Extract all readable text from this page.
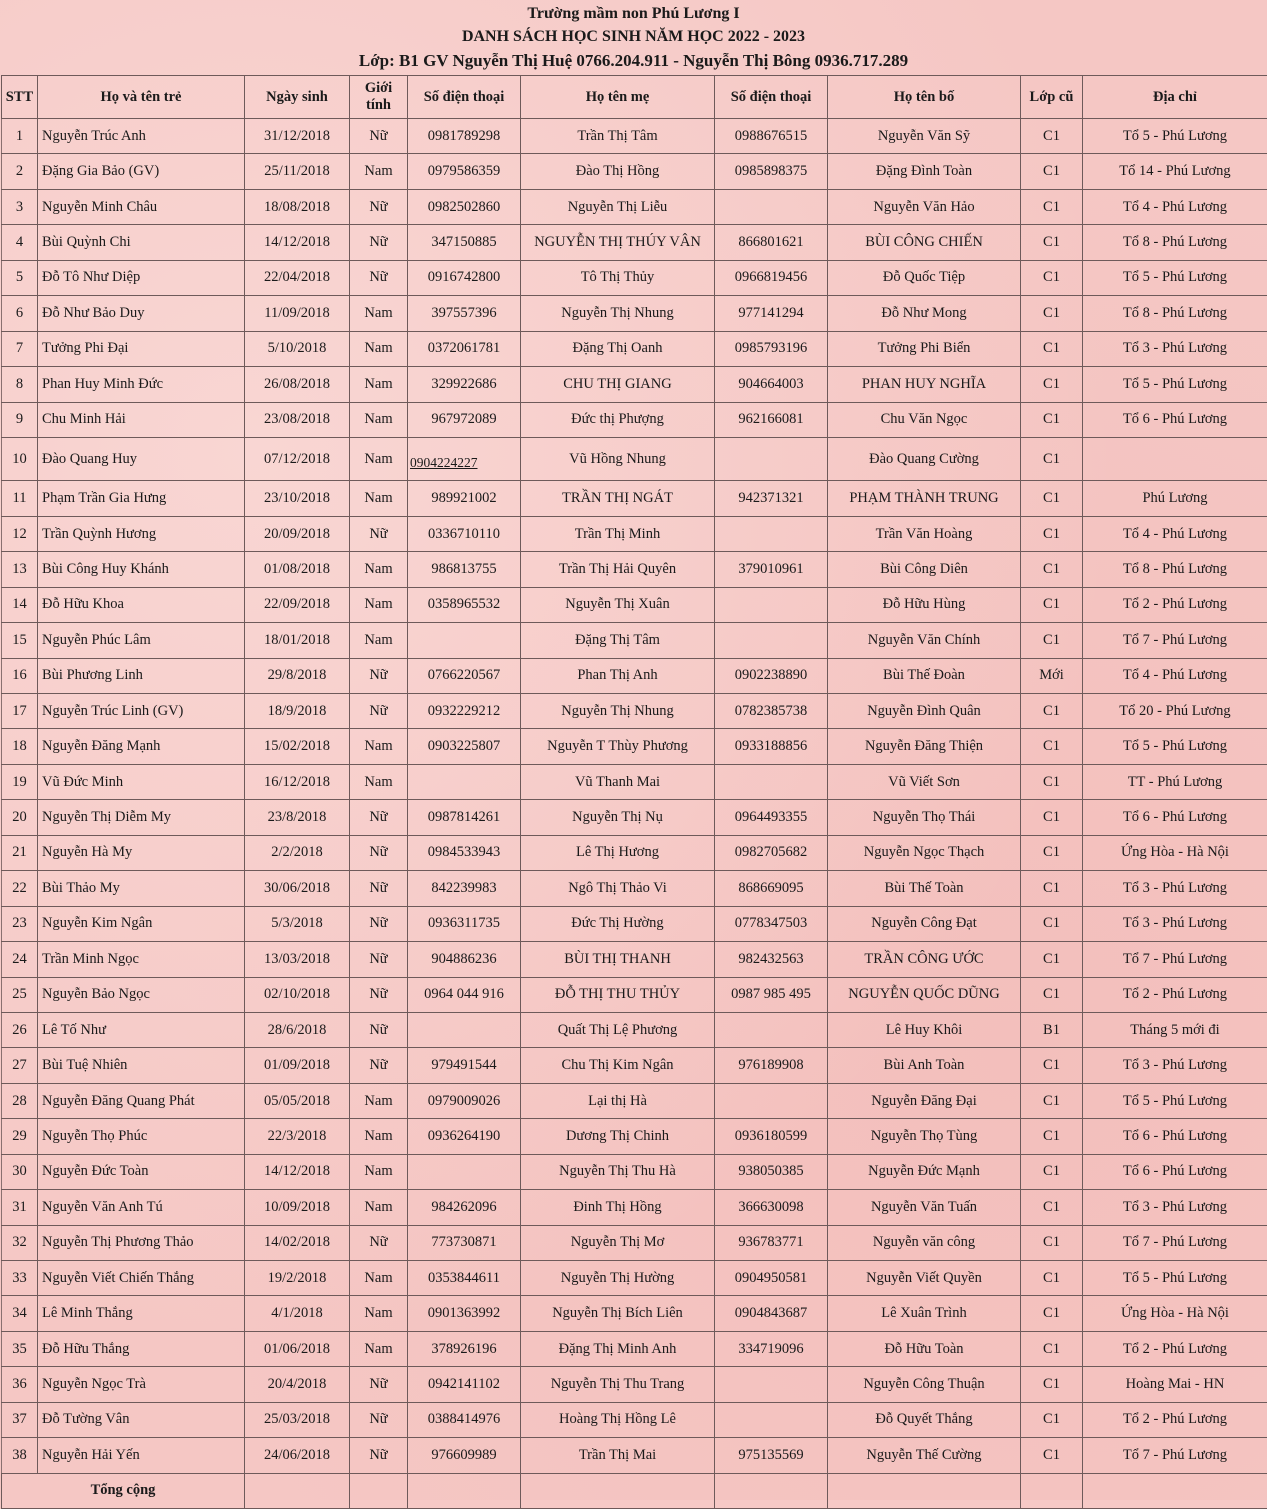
Trường mầm non Phú Lương I
DANH SÁCH HỌC SINH NĂM HỌC 2022 - 2023
Lớp: B1 GV Nguyễn Thị Huệ 0766.204.911 - Nguyễn Thị Bông 0936.717.289
STT	Họ và tên trẻ	Ngày sinh	Giới tính	Số điện thoại	Họ tên mẹ	Số điện thoại	Họ tên bố	Lớp cũ	Địa chỉ
1	Nguyễn Trúc Anh	31/12/2018	Nữ	0981789298	Trần Thị Tâm	0988676515	Nguyễn Văn Sỹ	C1	Tổ 5 - Phú Lương
2	Đặng Gia Bảo (GV)	25/11/2018	Nam	0979586359	Đào Thị Hồng	0985898375	Đặng Đình Toàn	C1	Tổ 14 - Phú Lương
3	Nguyễn Minh Châu	18/08/2018	Nữ	0982502860	Nguyễn Thị Liễu		Nguyễn Văn Hảo	C1	Tổ 4 - Phú Lương
4	Bùi Quỳnh Chi	14/12/2018	Nữ	347150885	NGUYỄN THỊ THÚY VÂN	866801621	BÙI CÔNG CHIẾN	C1	Tổ 8 - Phú Lương
5	Đỗ Tô Như Diệp	22/04/2018	Nữ	0916742800	Tô Thị Thủy	0966819456	Đỗ Quốc Tiệp	C1	Tổ 5 - Phú Lương
6	Đỗ Như Bảo Duy	11/09/2018	Nam	397557396	Nguyễn Thị Nhung	977141294	Đỗ Như Mong	C1	Tổ 8 - Phú Lương
7	Tưởng Phi Đại	5/10/2018	Nam	0372061781	Đặng Thị Oanh	0985793196	Tưởng Phi Biển	C1	Tổ 3 - Phú Lương
8	Phan Huy Minh Đức	26/08/2018	Nam	329922686	CHU THỊ GIANG	904664003	PHAN HUY NGHĨA	C1	Tổ 5 - Phú Lương
9	Chu Minh Hải	23/08/2018	Nam	967972089	Đức thị Phượng	962166081	Chu Văn Ngọc	C1	Tổ 6 - Phú Lương
10	Đào Quang Huy	07/12/2018	Nam	0904224227	Vũ Hồng Nhung		Đào Quang Cường	C1	
11	Phạm Trần Gia Hưng	23/10/2018	Nam	989921002	TRẦN THỊ NGÁT	942371321	PHẠM THÀNH TRUNG	C1	Phú Lương
12	Trần Quỳnh Hương	20/09/2018	Nữ	0336710110	Trần Thị Minh		Trần Văn Hoàng	C1	Tổ 4 - Phú Lương
13	Bùi Công Huy Khánh	01/08/2018	Nam	986813755	Trần Thị Hải Quyên	379010961	Bùi Công Diên	C1	Tổ 8 - Phú Lương
14	Đỗ Hữu Khoa	22/09/2018	Nam	0358965532	Nguyễn Thị Xuân		Đỗ Hữu Hùng	C1	Tổ 2 - Phú Lương
15	Nguyễn Phúc Lâm	18/01/2018	Nam		Đặng Thị Tâm		Nguyễn Văn Chính	C1	Tổ 7 - Phú Lương
16	Bùi Phương Linh	29/8/2018	Nữ	0766220567	Phan Thị Anh	0902238890	Bùi Thế Đoàn	Mới	Tổ 4 - Phú Lương
17	Nguyễn Trúc Linh (GV)	18/9/2018	Nữ	0932229212	Nguyễn Thị Nhung	0782385738	Nguyễn Đình Quân	C1	Tổ 20 - Phú Lương
18	Nguyễn Đăng Mạnh	15/02/2018	Nam	0903225807	Nguyễn T Thùy Phương	0933188856	Nguyễn Đăng Thiện	C1	Tổ 5 - Phú Lương
19	Vũ Đức Minh	16/12/2018	Nam		Vũ Thanh Mai		Vũ Viết Sơn	C1	TT - Phú Lương
20	Nguyễn Thị Diễm My	23/8/2018	Nữ	0987814261	Nguyễn Thị Nụ	0964493355	Nguyễn Thọ Thái	C1	Tổ 6 - Phú Lương
21	Nguyễn Hà My	2/2/2018	Nữ	0984533943	Lê Thị Hương	0982705682	Nguyễn Ngọc Thạch	C1	Ứng Hòa - Hà Nội
22	Bùi Thảo My	30/06/2018	Nữ	842239983	Ngô Thị Thảo Vi	868669095	Bùi Thế Toàn	C1	Tổ 3 - Phú Lương
23	Nguyễn Kim Ngân	5/3/2018	Nữ	0936311735	Đức Thị Hường	0778347503	Nguyễn Công Đạt	C1	Tổ 3 - Phú Lương
24	Trần Minh Ngọc	13/03/2018	Nữ	904886236	BÙI THỊ THANH	982432563	TRẦN CÔNG ƯỚC	C1	Tổ 7 - Phú Lương
25	Nguyễn Bảo Ngọc	02/10/2018	Nữ	0964 044 916	ĐỖ THỊ THU THỦY	0987 985 495	NGUYỄN QUỐC DŨNG	C1	Tổ 2 - Phú Lương
26	Lê Tố Như	28/6/2018	Nữ		Quất Thị Lệ Phương		Lê Huy Khôi	B1	Tháng 5 mới đi
27	Bùi Tuệ Nhiên	01/09/2018	Nữ	979491544	Chu Thị Kim Ngân	976189908	Bùi Anh Toàn	C1	Tổ 3 - Phú Lương
28	Nguyễn Đăng Quang Phát	05/05/2018	Nam	0979009026	Lại thị Hà		Nguyễn Đăng Đại	C1	Tổ 5 - Phú Lương
29	Nguyễn Thọ Phúc	22/3/2018	Nam	0936264190	Dương Thị Chinh	0936180599	Nguyễn Thọ Tùng	C1	Tổ 6 - Phú Lương
30	Nguyễn Đức Toàn	14/12/2018	Nam		Nguyễn Thị Thu Hà	938050385	Nguyễn Đức Mạnh	C1	Tổ 6 - Phú Lương
31	Nguyễn Văn Anh Tú	10/09/2018	Nam	984262096	Đinh Thị Hồng	366630098	Nguyễn Văn Tuấn	C1	Tổ 3 - Phú Lương
32	Nguyễn Thị Phương Thảo	14/02/2018	Nữ	773730871	Nguyễn Thị Mơ	936783771	Nguyễn văn công	C1	Tổ 7 - Phú Lương
33	Nguyễn Viết Chiến Thắng	19/2/2018	Nam	0353844611	Nguyễn Thị Hường	0904950581	Nguyễn Viết Quyền	C1	Tổ 5 - Phú Lương
34	Lê Minh Thắng	4/1/2018	Nam	0901363992	Nguyễn Thị Bích Liên	0904843687	Lê Xuân Trình	C1	Ứng Hòa - Hà Nội
35	Đỗ Hữu Thắng	01/06/2018	Nam	378926196	Đặng Thị Minh Anh	334719096	Đỗ Hữu Toàn	C1	Tổ 2 - Phú Lương
36	Nguyễn Ngọc Trà	20/4/2018	Nữ	0942141102	Nguyễn Thị Thu Trang		Nguyễn Công Thuận	C1	Hoàng Mai - HN
37	Đỗ Tường Vân	25/03/2018	Nữ	0388414976	Hoàng Thị Hồng Lê		Đỗ Quyết Thắng	C1	Tổ 2 - Phú Lương
38	Nguyễn Hải Yến	24/06/2018	Nữ	976609989	Trần Thị Mai	975135569	Nguyễn Thế Cường	C1	Tổ 7 - Phú Lương
Tổng cộng									
